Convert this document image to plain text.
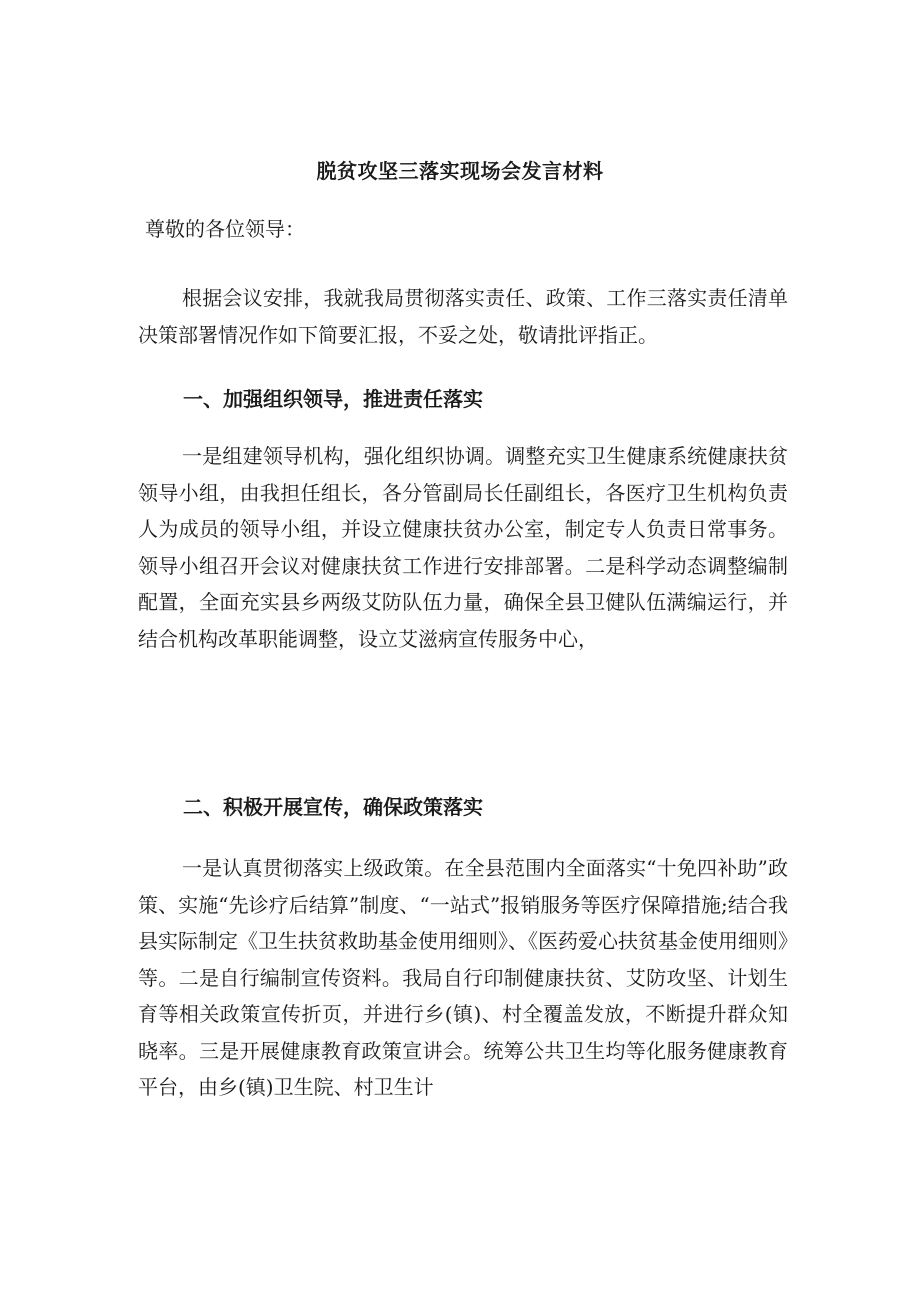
脱贫攻坚三落实现场会发言材料
尊敬的各位领导：

根据会议安排，我就我局贯彻落实责任、政策、工作三落实责任清单决策部署情况作如下简要汇报，不妥之处，敬请批评指正。

一、加强组织领导，推进责任落实

一是组建领导机构，强化组织协调。调整充实卫生健康系统健康扶贫领导小组，由我担任组长，各分管副局长任副组长，各医疗卫生机构负责人为成员的领导小组，并设立健康扶贫办公室，制定专人负责日常事务。领导小组召开会议对健康扶贫工作进行安排部署。二是科学动态调整编制配置，全面充实县乡两级艾防队伍力量，确保全县卫健队伍满编运行，并结合机构改革职能调整，设立艾滋病宣传服务中心，

二、积极开展宣传，确保政策落实

一是认真贯彻落实上级政策。在全县范围内全面落实“十免四补助”政策、实施“先诊疗后结算”制度、“一站式”报销服务等医疗保障措施;结合我县实际制定《卫生扶贫救助基金使用细则》、《医药爱心扶贫基金使用细则》等。二是自行编制宣传资料。我局自行印制健康扶贫、艾防攻坚、计划生育等相关政策宣传折页，并进行乡(镇)、村全覆盖发放，不断提升群众知晓率。三是开展健康教育政策宣讲会。统筹公共卫生均等化服务健康教育平台，由乡(镇)卫生院、村卫生计
